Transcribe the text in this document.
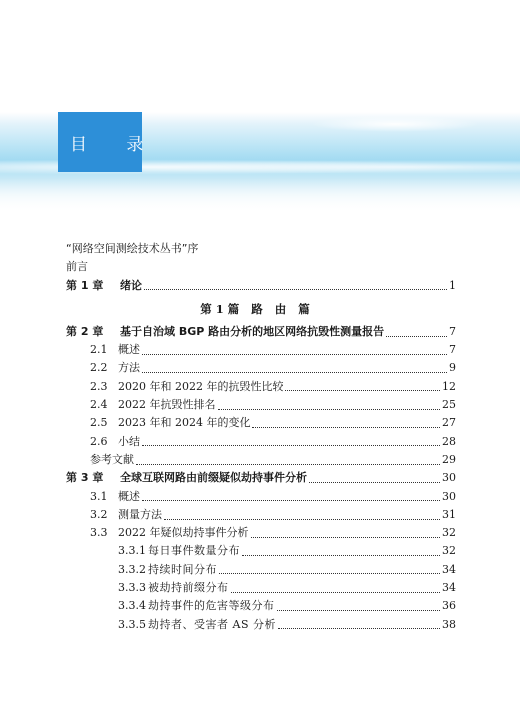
目 录
“网络空间测绘技术丛书”序
前言
第 1 章	绪论	1
第 1 篇 路由篇
第 2 章	基于自治域 BGP 路由分析的地区网络抗毁性测量报告	7
2.1 概述	7
2.2 方法	9
2.3 2020 年和 2022 年的抗毁性比较	12
2.4 2022 年抗毁性排名	25
2.5 2023 年和 2024 年的变化	27
2.6 小结	28
参考文献	29
第 3 章	全球互联网路由前缀疑似劫持事件分析	30
3.1 概述	30
3.2 测量方法	31
3.3 2022 年疑似劫持事件分析	32
3.3.1 每日事件数量分布	32
3.3.2 持续时间分布	34
3.3.3 被劫持前缀分布	34
3.3.4 劫持事件的危害等级分布	36
3.3.5 劫持者、受害者 AS 分析	38
